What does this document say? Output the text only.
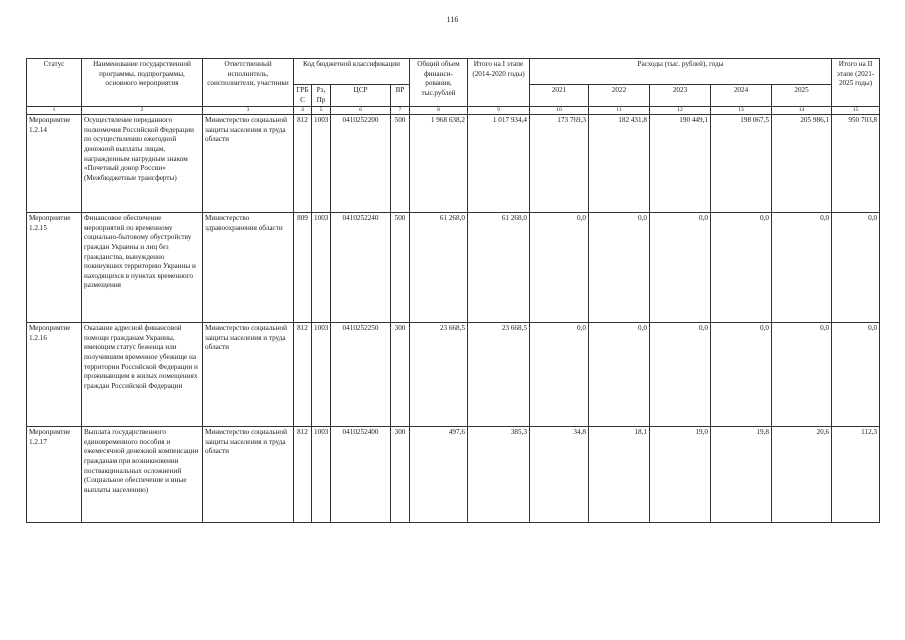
116
Статус	Наименование государственной программы, подпрограммы, основного мероприятия	Ответственный исполнитель, соисполнители, участники	Код бюджетной классификации				Общий объем финанси-рования, тыс.рублей	Итого на I этапе (2014-2020 годы)	Расходы (тыс. рублей), годы					Итого на II этапе (2021-2025 годы)
			ГРБ С	Рз, Пр	ЦСР	ВР			2021	2022	2023	2024	2025	
1	2	3	4	5	6	7	8	9	10	11	12	13	14	15
Мероприятие 1.2.14	Осуществление переданного полномочия Российской Федерации по осуществлению ежегодной денежной выплаты лицам, награжденным нагрудным знаком «Почетный донор России» (Межбюджетные трансферты)	Министерство социальной защиты населения и труда области	812	1003	0410252200	500	1 968 638,2	1 017 934,4	173 769,3	182 431,8	190 449,1	198 067,5	205 986,1	950 703,8
Мероприятие 1.2.15	Финансовое обеспечение мероприятий по временному социально-бытовому обустройству граждан Украины и лиц без гражданства, вынужденно покинувших территорию Украины и находящихся в пунктах временного размещения	Министерство здравоохранения области	809	1003	0410252240	500	61 268,0	61 268,0	0,0	0,0	0,0	0,0	0,0	0,0
Мероприятие 1.2.16	Оказание адресной финансовой помощи гражданам Украины, имеющим статус беженца или получившим временное убежище на территории Российской Федерации и проживающим в жилых помещениях граждан Российской Федерации	Министерство социальной защиты населения и труда области	812	1003	0410252250	300	23 668,5	23 668,5	0,0	0,0	0,0	0,0	0,0	0,0
Мероприятие 1.2.17	Выплата государственного единовременного пособия и ежемесячной денежной компенсации гражданам при возникновении поствакцинальных осложнений (Социальное обеспечение и иные выплаты населению)	Министерство социальной защиты населения и труда области	812	1003	0410252400	300	497,6	385,3	34,8	18,1	19,0	19,8	20,6	112,3
